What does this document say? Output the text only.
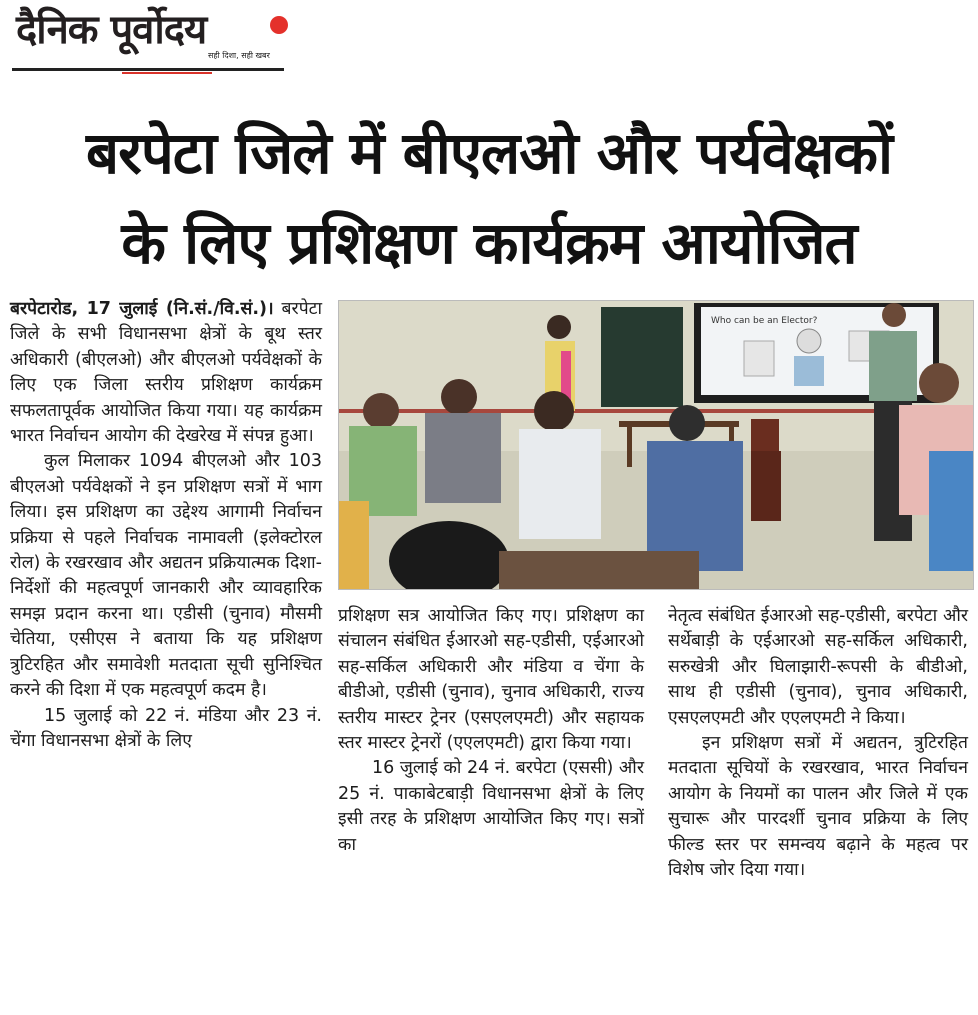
दैनिक पूर्वोदय
सही दिशा, सही खबर
बरपेटा जिले में बीएलओ और पर्यवेक्षकों
के लिए प्रशिक्षण कार्यक्रम आयोजित

बरपेटारोड, 17 जुलाई (नि.सं./वि.सं.)। बरपेटा जिले के सभी विधानसभा क्षेत्रों के बूथ स्तर अधिकारी (बीएलओ) और बीएलओ पर्यवेक्षकों के लिए एक जिला स्तरीय प्रशिक्षण कार्यक्रम सफलतापूर्वक आयोजित किया गया। यह कार्यक्रम भारत निर्वाचन आयोग की देखरेख में संपन्न हुआ।

कुल मिलाकर 1094 बीएलओ और 103 बीएलओ पर्यवेक्षकों ने इन प्रशिक्षण सत्रों में भाग लिया। इस प्रशिक्षण का उद्देश्य आगामी निर्वाचन प्रक्रिया से पहले निर्वाचक नामावली (इलेक्टोरल रोल) के रखरखाव और अद्यतन प्रक्रियात्मक दिशा-निर्देशों की महत्वपूर्ण जानकारी और व्यावहारिक समझ प्रदान करना था। एडीसी (चुनाव) मौसमी चेतिया, एसीएस ने बताया कि यह प्रशिक्षण त्रुटिरहित और समावेशी मतदाता सूची सुनिश्चित करने की दिशा में एक महत्वपूर्ण कदम है।

15 जुलाई को 22 नं. मंडिया और 23 नं. चेंगा विधानसभा क्षेत्रों के लिए

Who can be an Elector?

प्रशिक्षण सत्र आयोजित किए गए। प्रशिक्षण का संचालन संबंधित ईआरओ सह-एडीसी, एईआरओ सह-सर्किल अधिकारी और मंडिया व चेंगा के बीडीओ, एडीसी (चुनाव), चुनाव अधिकारी, राज्य स्तरीय मास्टर ट्रेनर (एसएलएमटी) और सहायक स्तर मास्टर ट्रेनरों (एएलएमटी) द्वारा किया गया।

16 जुलाई को 24 नं. बरपेटा (एससी) और 25 नं. पाकाबेटबाड़ी विधानसभा क्षेत्रों के लिए इसी तरह के प्रशिक्षण आयोजित किए गए। सत्रों का

नेतृत्व संबंधित ईआरओ सह-एडीसी, बरपेटा और सर्थेबाड़ी के एईआरओ सह-सर्किल अधिकारी, सरुखेत्री और घिलाझारी-रूपसी के बीडीओ, साथ ही एडीसी (चुनाव), चुनाव अधिकारी, एसएलएमटी और एएलएमटी ने किया।

इन प्रशिक्षण सत्रों में अद्यतन, त्रुटिरहित मतदाता सूचियों के रखरखाव, भारत निर्वाचन आयोग के नियमों का पालन और जिले में एक सुचारू और पारदर्शी चुनाव प्रक्रिया के लिए फील्ड स्तर पर समन्वय बढ़ाने के महत्व पर विशेष जोर दिया गया।
